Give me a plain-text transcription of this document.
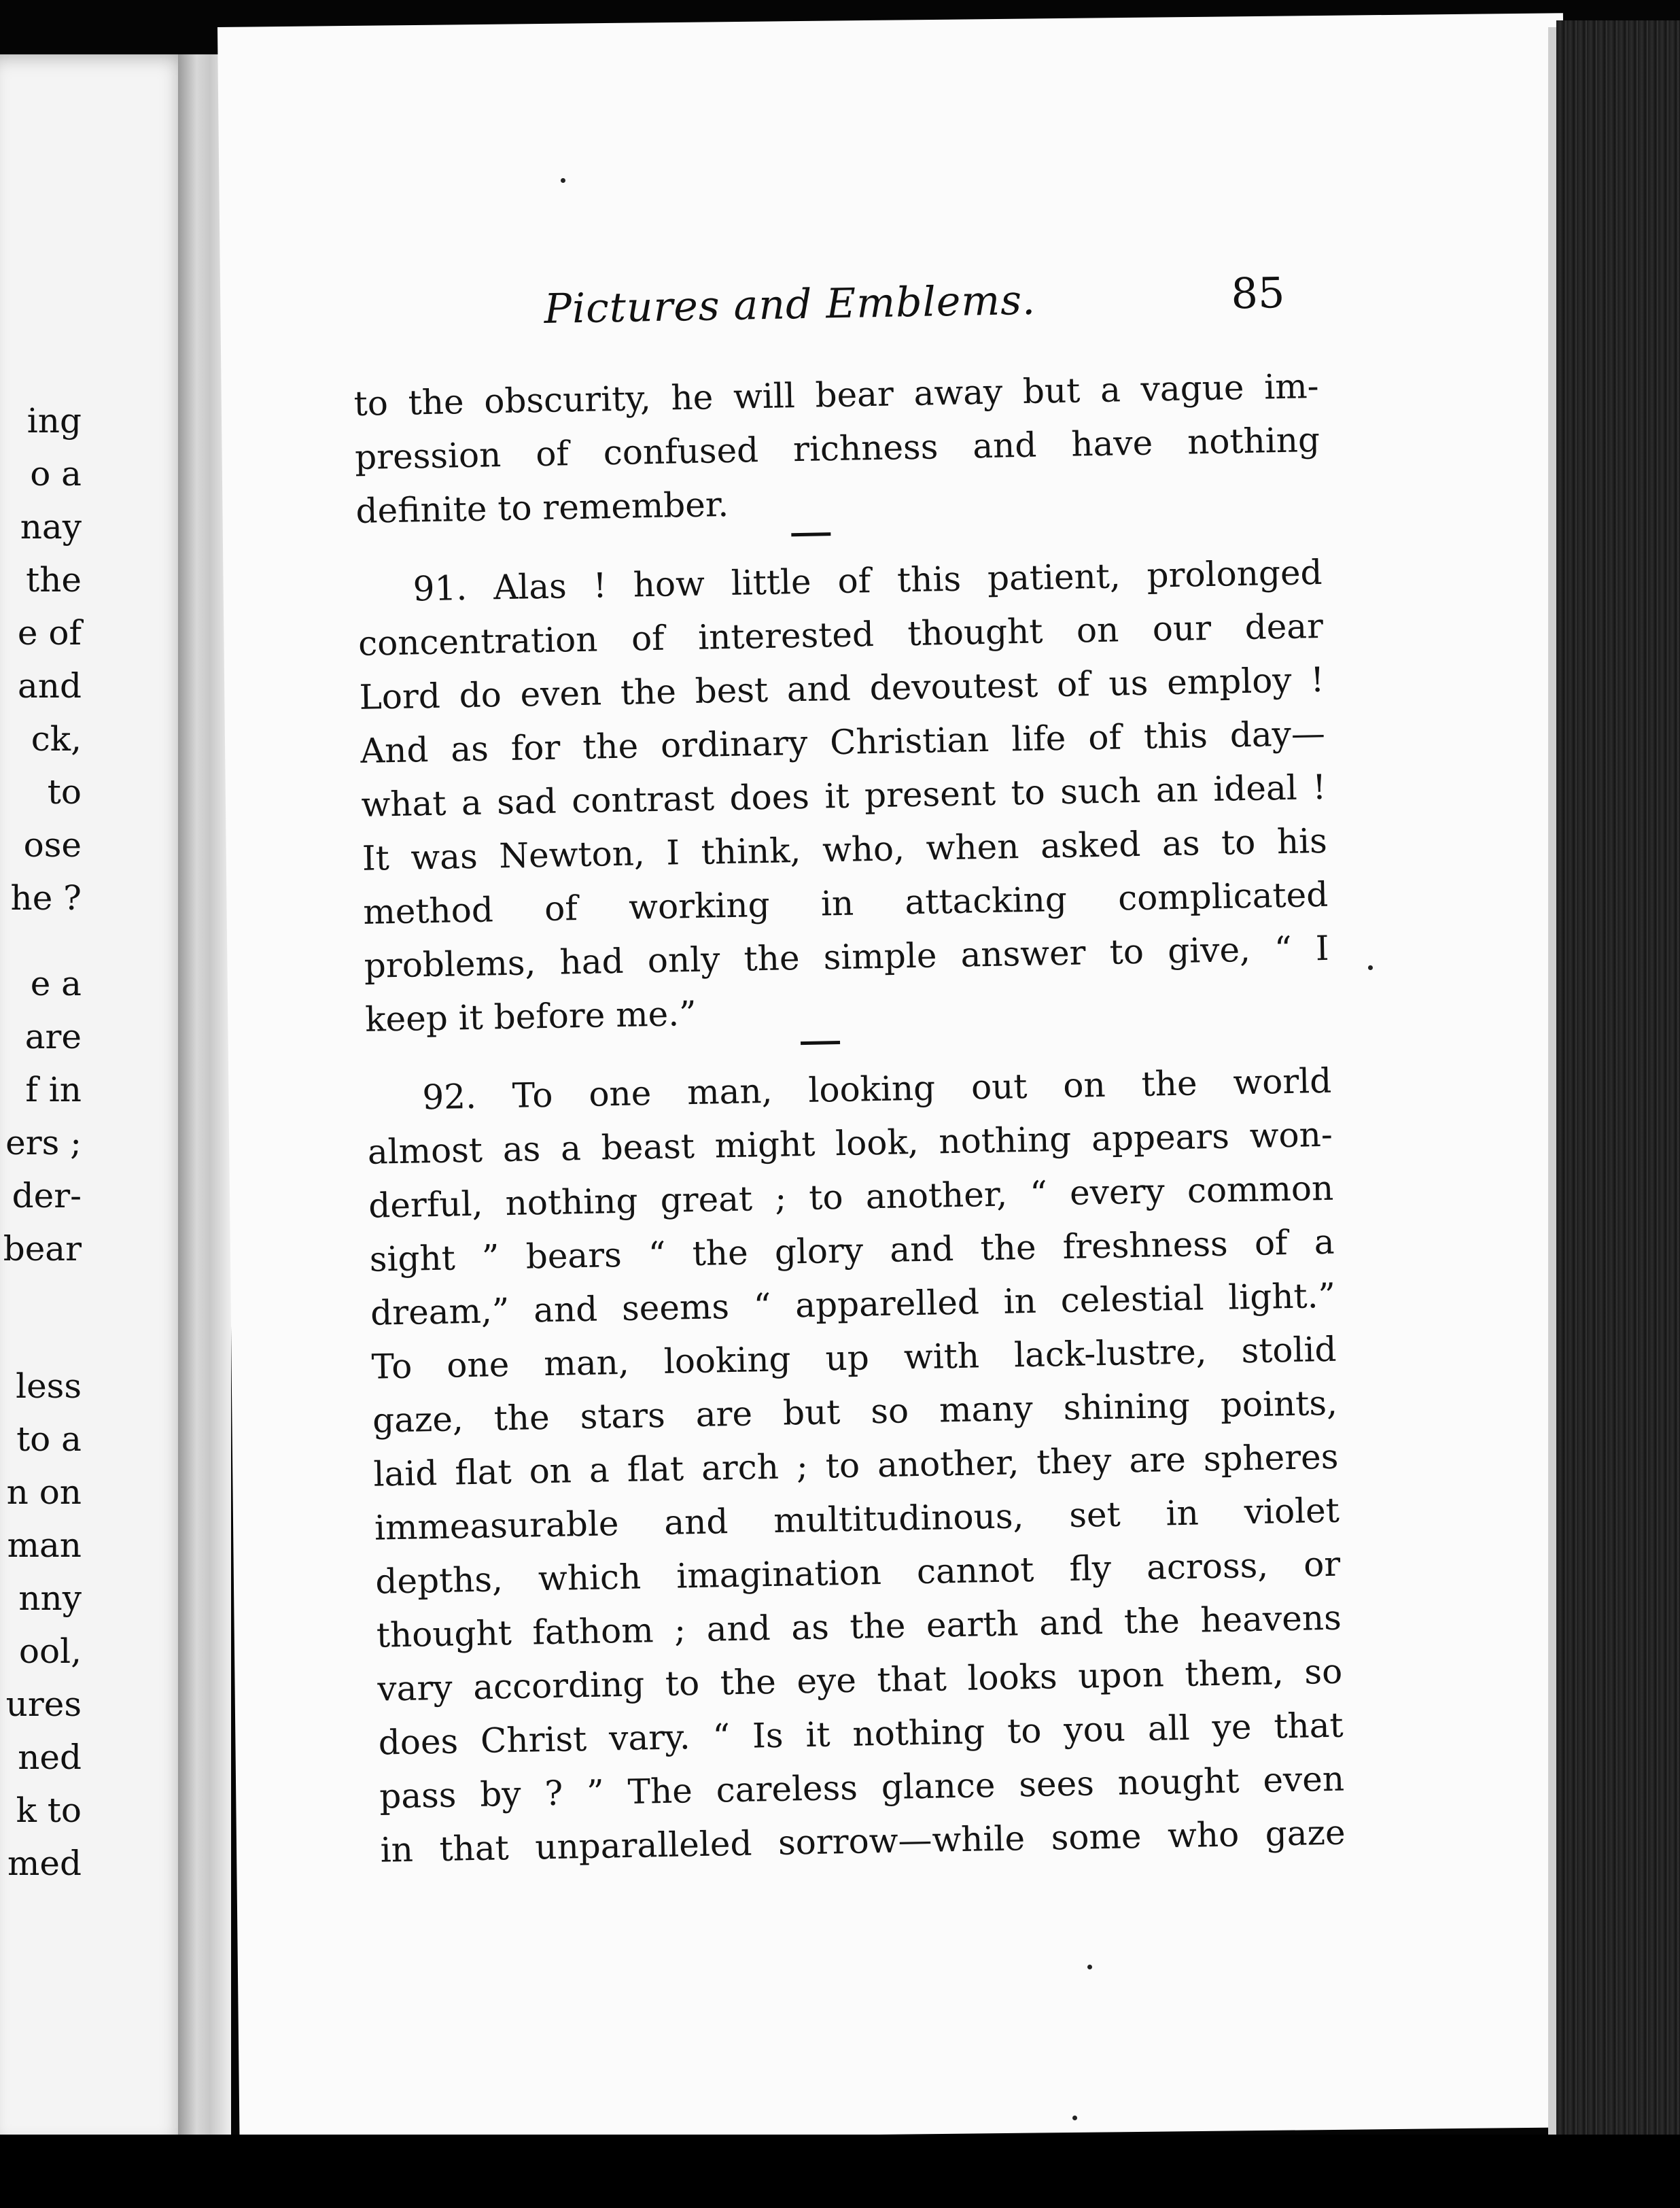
ing
o a
nay
the
e of
and
ck,
to
ose
he ?
e a
are
f in
ers ;
der-
bear
less
to a
n on
man
nny
ool,
ures
ned
k to
med
Pictures and Emblems.	85
to the obscurity, he will bear away but a vague im-
pression of confused richness and have nothing
definite to remember.
91. Alas ! how little of this patient, prolonged
concentration of interested thought on our dear
Lord do even the best and devoutest of us employ !
And as for the ordinary Christian life of this day—
what a sad contrast does it present to such an ideal !
It was Newton, I think, who, when asked as to his
method of working in attacking complicated
problems, had only the simple answer to give, “ I
keep it before me.”
92. To one man, looking out on the world
almost as a beast might look, nothing appears won-
derful, nothing great ; to another, “ every common
sight ” bears “ the glory and the freshness of a
dream,” and seems “ apparelled in celestial light.”
To one man, looking up with lack-lustre, stolid
gaze, the stars are but so many shining points,
laid flat on a flat arch ; to another, they are spheres
immeasurable and multitudinous, set in violet
depths, which imagination cannot fly across, or
thought fathom ; and as the earth and the heavens
vary according to the eye that looks upon them, so
does Christ vary. “ Is it nothing to you all ye that
pass by ? ” The careless glance sees nought even
in that unparalleled sorrow—while some who gaze
